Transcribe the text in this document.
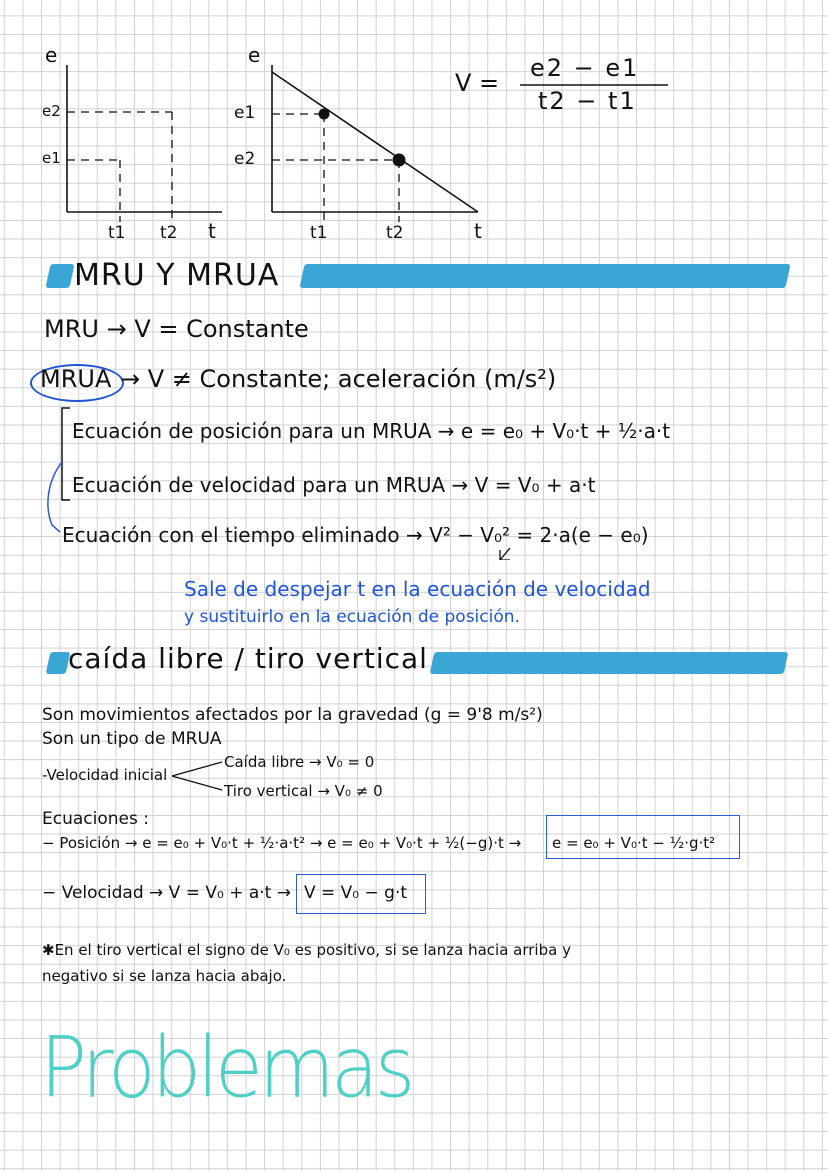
e
e2
e1
t1 t2 t
e
e1
e2
t1	t2	t
V =
e2 − e1
t2 − t1
MRU Y MRUA
MRU → V = Constante
MRUA → V ≠ Constante; aceleración (m/s²)
Ecuación de posición para un MRUA → e = e₀ + V₀·t + ½·a·t
Ecuación de velocidad para un MRUA → V = V₀ + a·t
Ecuación con el tiempo eliminado → V² − V₀² = 2·a(e − e₀)
Sale de despejar t en la ecuación de velocidad
y sustituirlo en la ecuación de posición.
caída libre / tiro vertical
Son movimientos afectados por la gravedad (g = 9'8 m/s²)
Son un tipo de MRUA
-Velocidad inicial
Caída libre → V₀ = 0
Tiro vertical → V₀ ≠ 0
Ecuaciones :
− Posición → e = e₀ + V₀·t + ½·a·t² → e = e₀ + V₀·t + ½(−g)·t → e = e₀ + V₀·t − ½·g·t²
− Velocidad → V = V₀ + a·t → V = V₀ − g·t
✱En el tiro vertical el signo de V₀ es positivo, si se lanza hacia arriba y
negativo si se lanza hacia abajo.
Problemas
